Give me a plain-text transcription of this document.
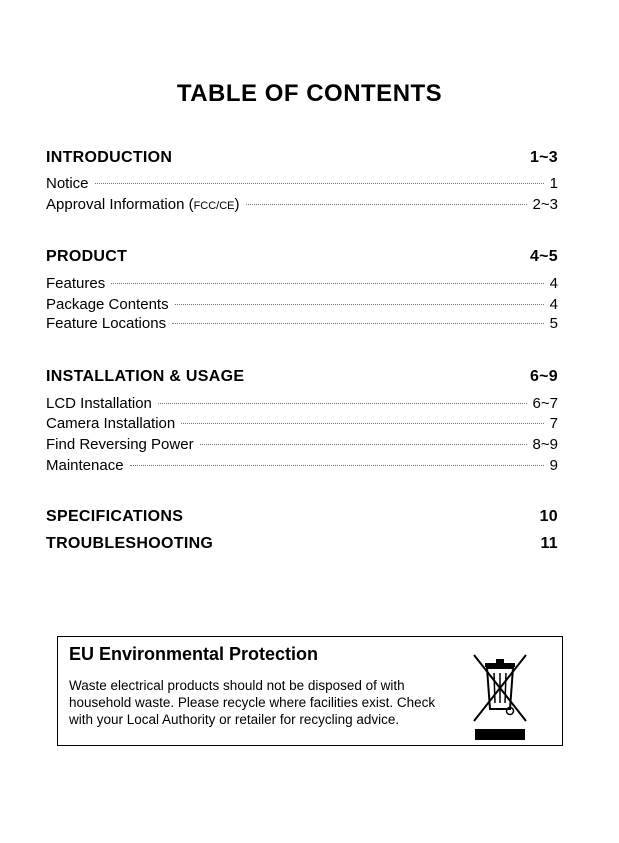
TABLE OF CONTENTS
INTRODUCTION	1~3
Notice	1
Approval Information (FCC/CE)	2~3
PRODUCT	4~5
Features	4
Package Contents	4
Feature Locations	5
INSTALLATION & USAGE	6~9
LCD Installation	6~7
Camera Installation	7
Find Reversing Power	8~9
Maintenace	9
SPECIFICATIONS	10
TROUBLESHOOTING	11
EU Environmental Protection
Waste electrical products should not be disposed of with household waste. Please recycle where facilities exist. Check with your Local Authority or retailer for recycling advice.
